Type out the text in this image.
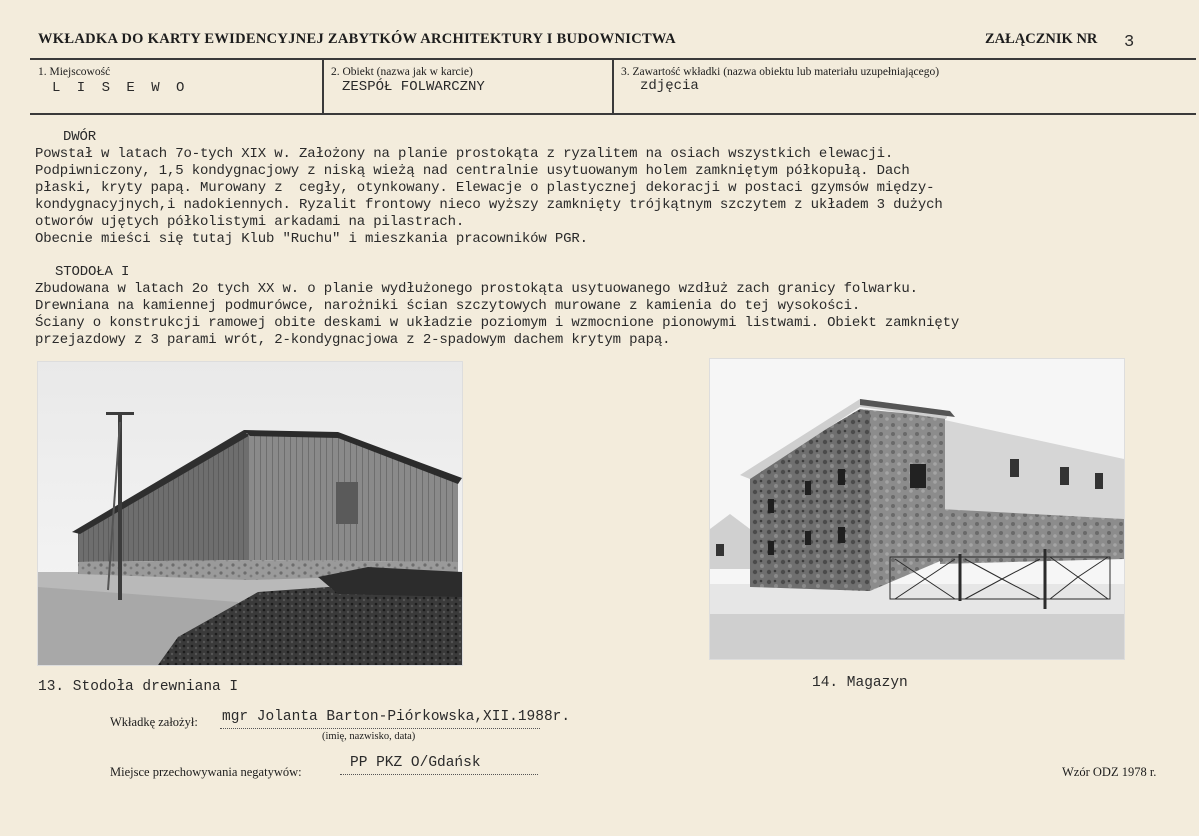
WKŁADKA DO KARTY EWIDENCYJNEJ ZABYTKÓW ARCHITEKTURY I BUDOWNICTWA	ZAŁĄCZNIK NR 3
1. Miejscowość
L I S E W O
2. Obiekt (nazwa jak w karcie)
ZESPÓŁ FOLWARCZNY
3. Zawartość wkładki (nazwa obiektu lub materiału uzupełniającego)
zdjęcia
DWÓR
Powstał w latach 7o-tych XIX w. Założony na planie prostokąta z ryzalitem na osiach wszystkich elewacji.
Podpiwniczony, 1,5 kondygnacjowy z niską wieżą nad centralnie usytuowanym holem zamkniętym półkopułą. Dach
płaski, kryty papą. Murowany z  cegły, otynkowany. Elewacje o plastycznej dekoracji w postaci gzymsów między-
kondygnacyjnych,i nadokiennych. Ryzalit frontowy nieco wyższy zamknięty trójkątnym szczytem z układem 3 dużych
otworów ujętych półkolistymi arkadami na pilastrach.
Obecnie mieści się tutaj Klub "Ruchu" i mieszkania pracowników PGR.
STODOŁA I
Zbudowana w latach 2o tych XX w. o planie wydłużonego prostokąta usytuowanego wzdłuż zach granicy folwarku.
Drewniana na kamiennej podmurówce, narożniki ścian szczytowych murowane z kamienia do tej wysokości.
Ściany o konstrukcji ramowej obite deskami w układzie poziomym i wzmocnione pionowymi listwami. Obiekt zamknięty
przejazdowy z 3 parami wrót, 2-kondygnacjowa z 2-spadowym dachem krytym papą.
13. Stodoła drewniana I	14. Magazyn
Wkładkę założył: mgr Jolanta Barton-Piórkowska,XII.1988r.
(imię, nazwisko, data)
Miejsce przechowywania negatywów:
PP PKZ O/Gdańsk
Wzór ODZ 1978 r.
